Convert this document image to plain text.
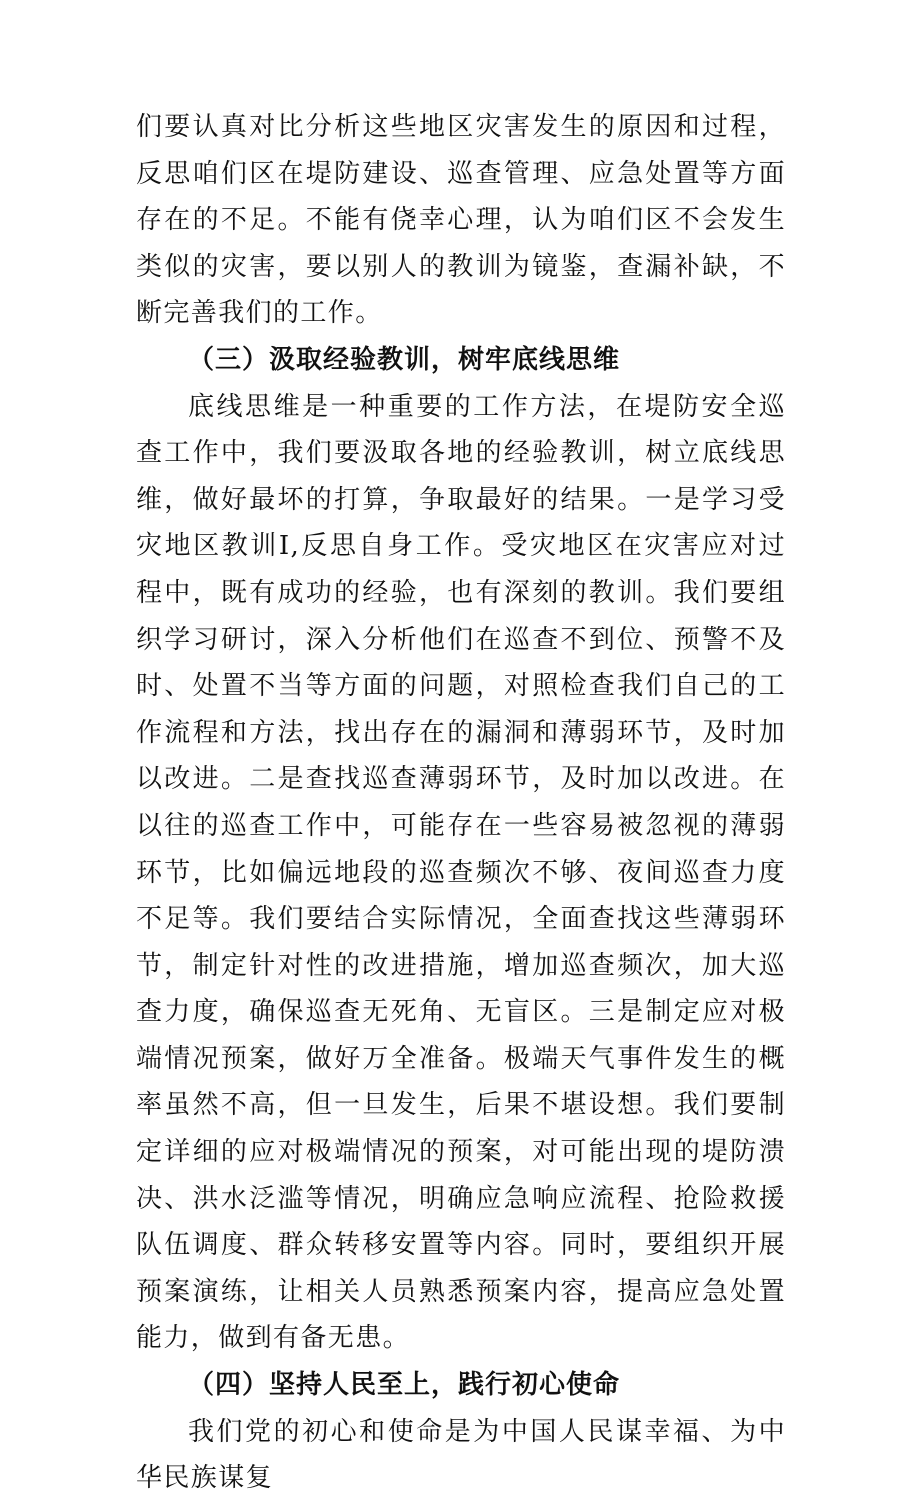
们要认真对比分析这些地区灾害发生的原因和过程，反思咱们区在堤防建设、巡查管理、应急处置等方面存在的不足。不能有侥幸心理，认为咱们区不会发生类似的灾害，要以别人的教训为镜鉴，查漏补缺，不断完善我们的工作。

（三）汲取经验教训，树牢底线思维

底线思维是一种重要的工作方法，在堤防安全巡查工作中，我们要汲取各地的经验教训，树立底线思维，做好最坏的打算，争取最好的结果。一是学习受灾地区教训I,反思自身工作。受灾地区在灾害应对过程中，既有成功的经验，也有深刻的教训。我们要组织学习研讨，深入分析他们在巡查不到位、预警不及时、处置不当等方面的问题，对照检查我们自己的工作流程和方法，找出存在的漏洞和薄弱环节，及时加以改进。二是查找巡查薄弱环节，及时加以改进。在以往的巡查工作中，可能存在一些容易被忽视的薄弱环节，比如偏远地段的巡查频次不够、夜间巡查力度不足等。我们要结合实际情况，全面查找这些薄弱环节，制定针对性的改进措施，增加巡查频次，加大巡查力度，确保巡查无死角、无盲区。三是制定应对极端情况预案，做好万全准备。极端天气事件发生的概率虽然不高，但一旦发生，后果不堪设想。我们要制定详细的应对极端情况的预案，对可能出现的堤防溃决、洪水泛滥等情况，明确应急响应流程、抢险救援队伍调度、群众转移安置等内容。同时，要组织开展预案演练，让相关人员熟悉预案内容，提高应急处置能力，做到有备无患。

（四）坚持人民至上，践行初心使命

我们党的初心和使命是为中国人民谋幸福、为中华民族谋复
